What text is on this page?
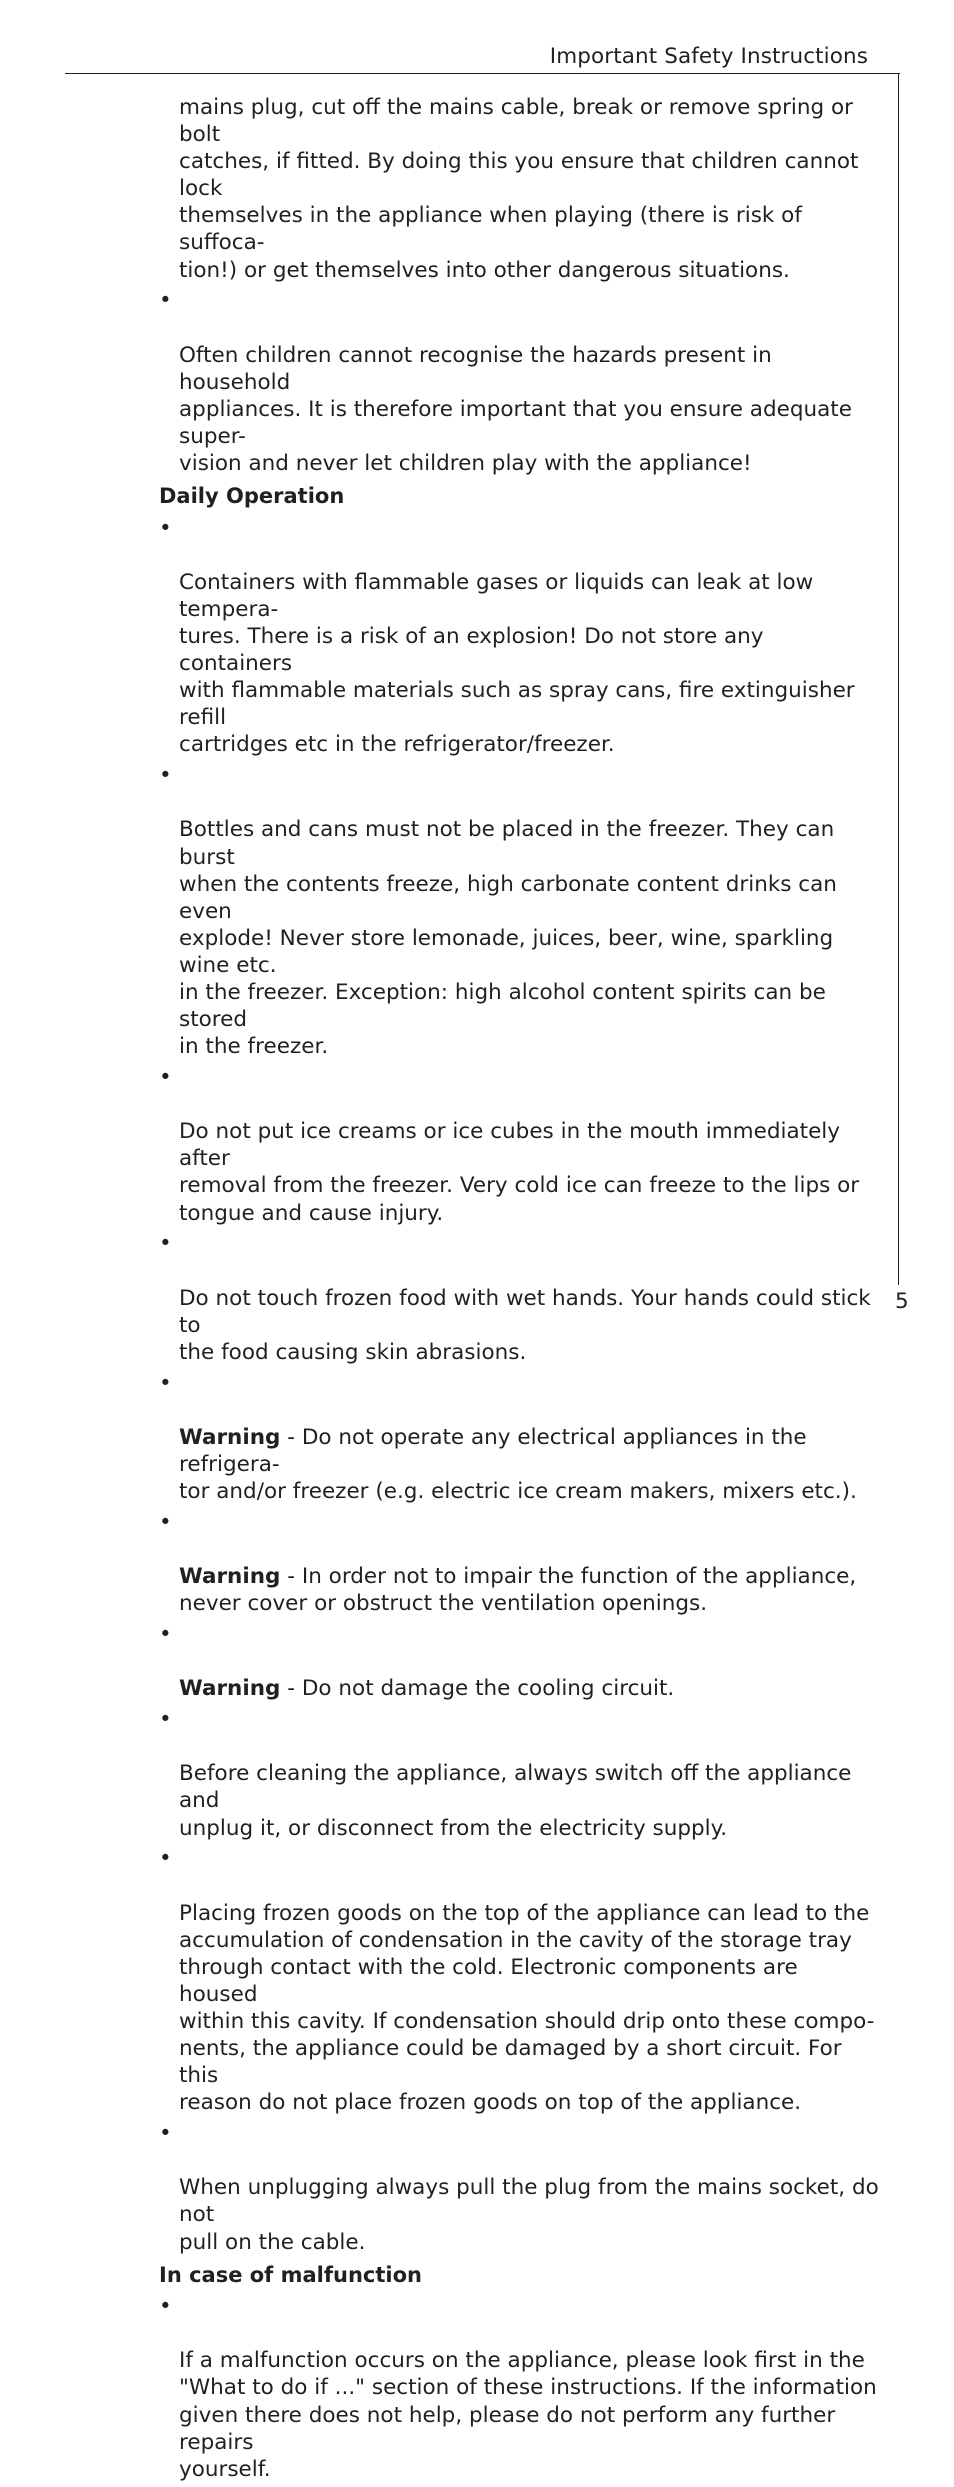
Important Safety Instructions

mains plug, cut off the mains cable, break or remove spring or bolt
catches, if fitted. By doing this you ensure that children cannot lock
themselves in the appliance when playing (there is risk of suffoca-
tion!) or get themselves into other dangerous situations.

•

Often children cannot recognise the hazards present in household
appliances. It is therefore important that you ensure adequate super-
vision and never let children play with the appliance!

Daily Operation

•

Containers with flammable gases or liquids can leak at low tempera-
tures. There is a risk of an explosion! Do not store any containers
with flammable materials such as spray cans, fire extinguisher refill
cartridges etc in the refrigerator/freezer.

•

Bottles and cans must not be placed in the freezer. They can burst
when the contents freeze, high carbonate content drinks can even
explode! Never store lemonade, juices, beer, wine, sparkling wine etc.
in the freezer. Exception: high alcohol content spirits can be stored
in the freezer.

•

Do not put ice creams or ice cubes in the mouth immediately after
removal from the freezer. Very cold ice can freeze to the lips or
tongue and cause injury.

•

Do not touch frozen food with wet hands. Your hands could stick to
the food causing skin abrasions.

•

Warning - Do not operate any electrical appliances in the refrigera-
tor and/or freezer (e.g. electric ice cream makers, mixers etc.).

•

Warning - In order not to impair the function of the appliance,
never cover or obstruct the ventilation openings.

•

Warning - Do not damage the cooling circuit.

•

Before cleaning the appliance, always switch off the appliance and
unplug it, or disconnect from the electricity supply.

•

Placing frozen goods on the top of the appliance can lead to the
accumulation of condensation in the cavity of the storage tray
through contact with the cold. Electronic components are housed
within this cavity. If condensation should drip onto these compo-
nents, the appliance could be damaged by a short circuit. For this
reason do not place frozen goods on top of the appliance.

•

When unplugging always pull the plug from the mains socket, do not
pull on the cable.

In case of malfunction

•

If a malfunction occurs on the appliance, please look first in the
"What to do if ..." section of these instructions. If the information
given there does not help, please do not perform any further repairs
yourself.

5
